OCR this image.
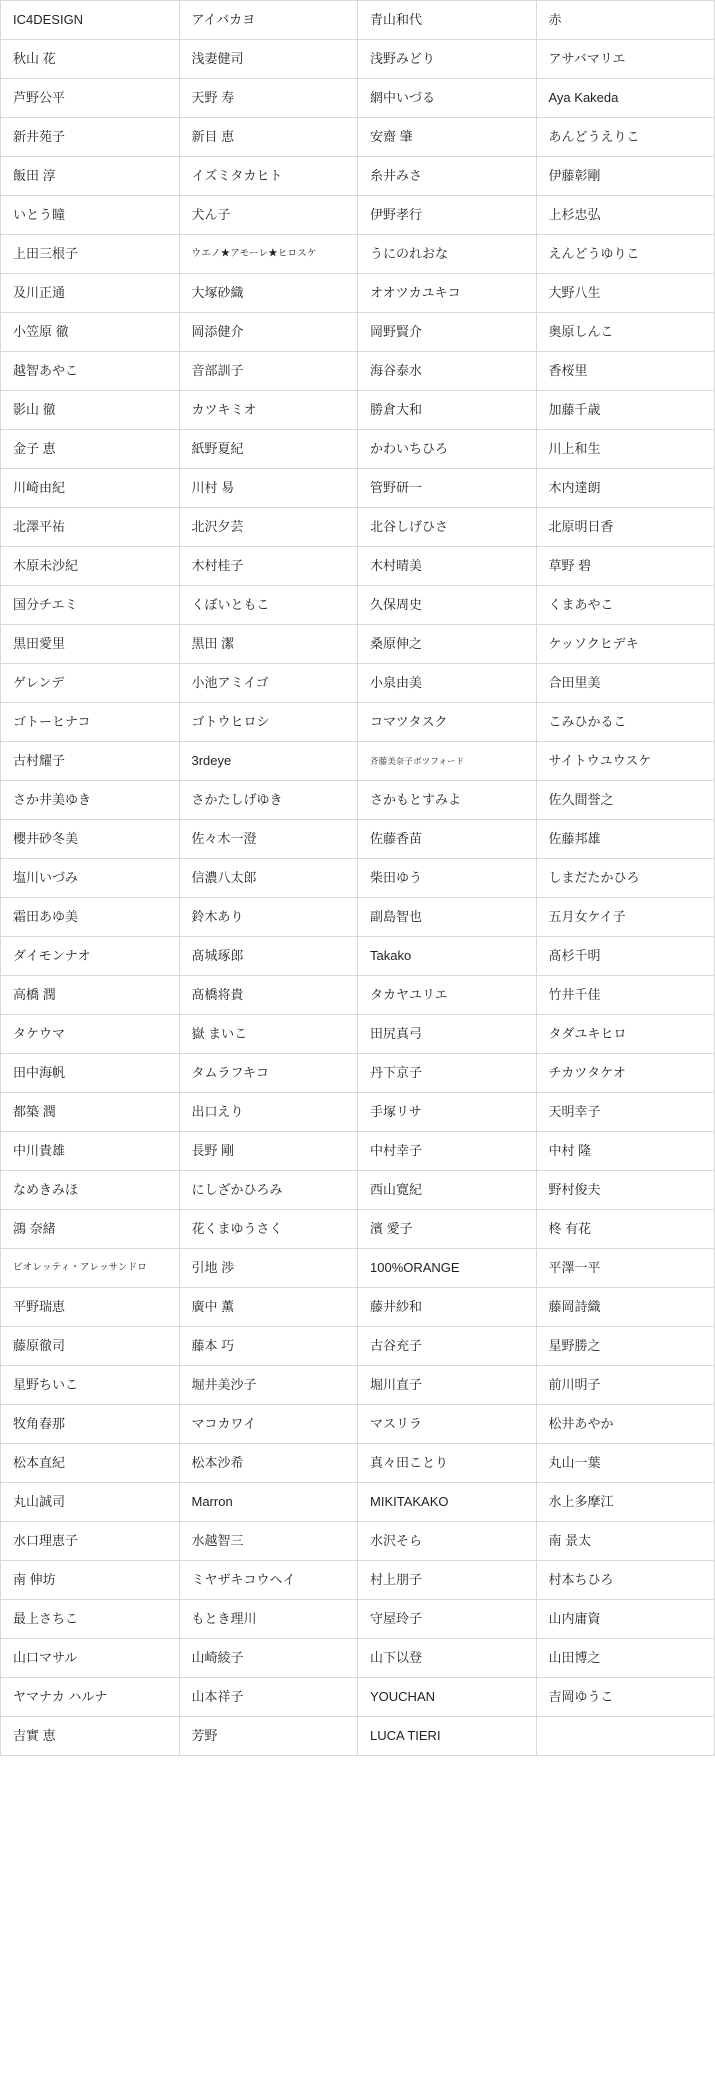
IC4DESIGN	アイバカヨ	青山和代	赤
秋山 花	浅妻健司	浅野みどり	アサバマリエ
芦野公平	天野 寿	網中いづる	Aya Kakeda
新井苑子	新目 恵	安齋 肇	あんどうえりこ
飯田 淳	イズミタカヒト	糸井みさ	伊藤彰剛
いとう瞳	犬ん子	伊野孝行	上杉忠弘
上田三根子	ウエノ★アモーレ★ヒロスケ	うにのれおな	えんどうゆりこ
及川正通	大塚砂織	オオツカユキコ	大野八生
小笠原 徹	岡添健介	岡野賢介	奥原しんこ
越智あやこ	音部訓子	海谷泰水	香桜里
影山 徹	カツキミオ	勝倉大和	加藤千歳
金子 恵	紙野夏紀	かわいちひろ	川上和生
川崎由紀	川村 易	管野研一	木内達朗
北澤平祐	北沢夕芸	北谷しげひさ	北原明日香
木原未沙紀	木村桂子	木村晴美	草野 碧
国分チエミ	くぼいともこ	久保周史	くまあやこ
黒田愛里	黒田 潔	桑原伸之	ケッソクヒデキ
ゲレンデ	小池アミイゴ	小泉由美	合田里美
ゴトーヒナコ	ゴトウヒロシ	コマツタスク	こみひかるこ
古村耀子	3rdeye	斉藤美奈子ボツフォード	サイトウユウスケ
さか井美ゆき	さかたしげゆき	さかもとすみよ	佐久間誉之
櫻井砂冬美	佐々木一澄	佐藤香苗	佐藤邦雄
塩川いづみ	信濃八太郎	柴田ゆう	しまだたかひろ
霜田あゆ美	鈴木あり	副島智也	五月女ケイ子
ダイモンナオ	髙城琢郎	Takako	髙杉千明
高橋 潤	髙橋将貴	タカヤユリエ	竹井千佳
タケウマ	嶽 まいこ	田尻真弓	タダユキヒロ
田中海帆	タムラフキコ	丹下京子	チカツタケオ
都築 潤	出口えり	手塚リサ	天明幸子
中川貴雄	長野 剛	中村幸子	中村 隆
なめきみほ	にしざかひろみ	西山寛紀	野村俊夫
鴻 奈緒	花くまゆうさく	濱 愛子	柊 有花
ビオレッティ・アレッサンドロ	引地 渉	100%ORANGE	平澤一平
平野瑞恵	廣中 薫	藤井紗和	藤岡詩織
藤原徹司	藤本 巧	古谷充子	星野勝之
星野ちいこ	堀井美沙子	堀川直子	前川明子
牧角春那	マコカワイ	マスリラ	松井あやか
松本直紀	松本沙希	真々田ことり	丸山一葉
丸山誠司	Marron	MIKITAKAKO	水上多摩江
水口理恵子	水越智三	水沢そら	南 景太
南 伸坊	ミヤザキコウヘイ	村上朋子	村本ちひろ
最上さちこ	もとき理川	守屋玲子	山内庸資
山口マサル	山崎綾子	山下以登	山田博之
ヤマナカ ハルナ	山本祥子	YOUCHAN	吉岡ゆうこ
吉實 恵	芳野	LUCA TIERI	
